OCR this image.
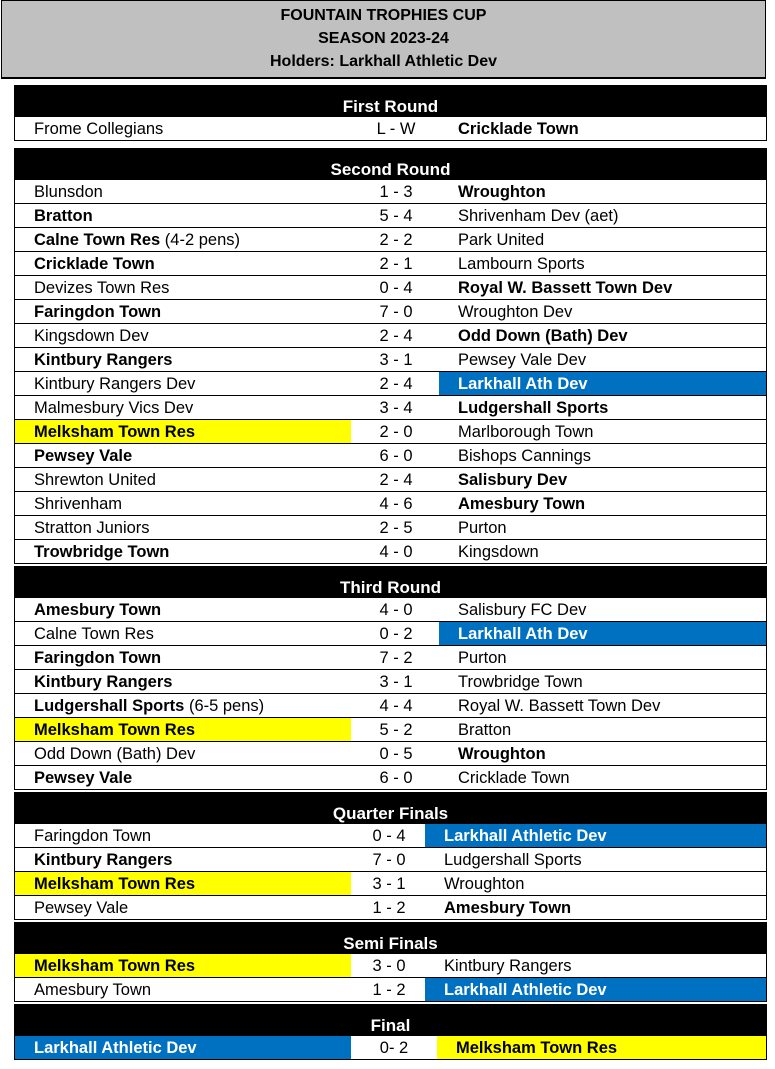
FOUNTAIN TROPHIES CUP
SEASON 2023-24
Holders: Larkhall Athletic Dev
First Round
Frome Collegians	L - W	Cricklade Town
Second Round
Blunsdon	1 - 3	Wroughton
Bratton	5 - 4	Shrivenham Dev (aet)
Calne Town Res (4-2 pens)	2 - 2	Park United
Cricklade Town	2 - 1	Lambourn Sports
Devizes Town Res	0 - 4	Royal W. Bassett Town Dev
Faringdon Town	7 - 0	Wroughton Dev
Kingsdown Dev	2 - 4	Odd Down (Bath) Dev
Kintbury Rangers	3 - 1	Pewsey Vale Dev
Kintbury Rangers Dev	2 - 4	Larkhall Ath Dev
Malmesbury Vics Dev	3 - 4	Ludgershall Sports
Melksham Town Res	2 - 0	Marlborough Town
Pewsey Vale	6 - 0	Bishops Cannings
Shrewton United	2 - 4	Salisbury Dev
Shrivenham	4 - 6	Amesbury Town
Stratton Juniors	2 - 5	Purton
Trowbridge Town	4 - 0	Kingsdown
Third Round
Amesbury Town	4 - 0	Salisbury FC Dev
Calne Town Res	0 - 2	Larkhall Ath Dev
Faringdon Town	7 - 2	Purton
Kintbury Rangers	3 - 1	Trowbridge Town
Ludgershall Sports (6-5 pens)	4 - 4	Royal W. Bassett Town Dev
Melksham Town Res	5 - 2	Bratton
Odd Down (Bath) Dev	0 - 5	Wroughton
Pewsey Vale	6 - 0	Cricklade Town
Quarter Finals
Faringdon Town	0 - 4	Larkhall Athletic Dev
Kintbury Rangers	7 - 0	Ludgershall Sports
Melksham Town Res	3 - 1	Wroughton
Pewsey Vale	1 - 2	Amesbury Town
Semi Finals
Melksham Town Res	3 - 0	Kintbury Rangers
Amesbury Town	1 - 2	Larkhall Athletic Dev
Final
Larkhall Athletic Dev	0- 2	Melksham Town Res
